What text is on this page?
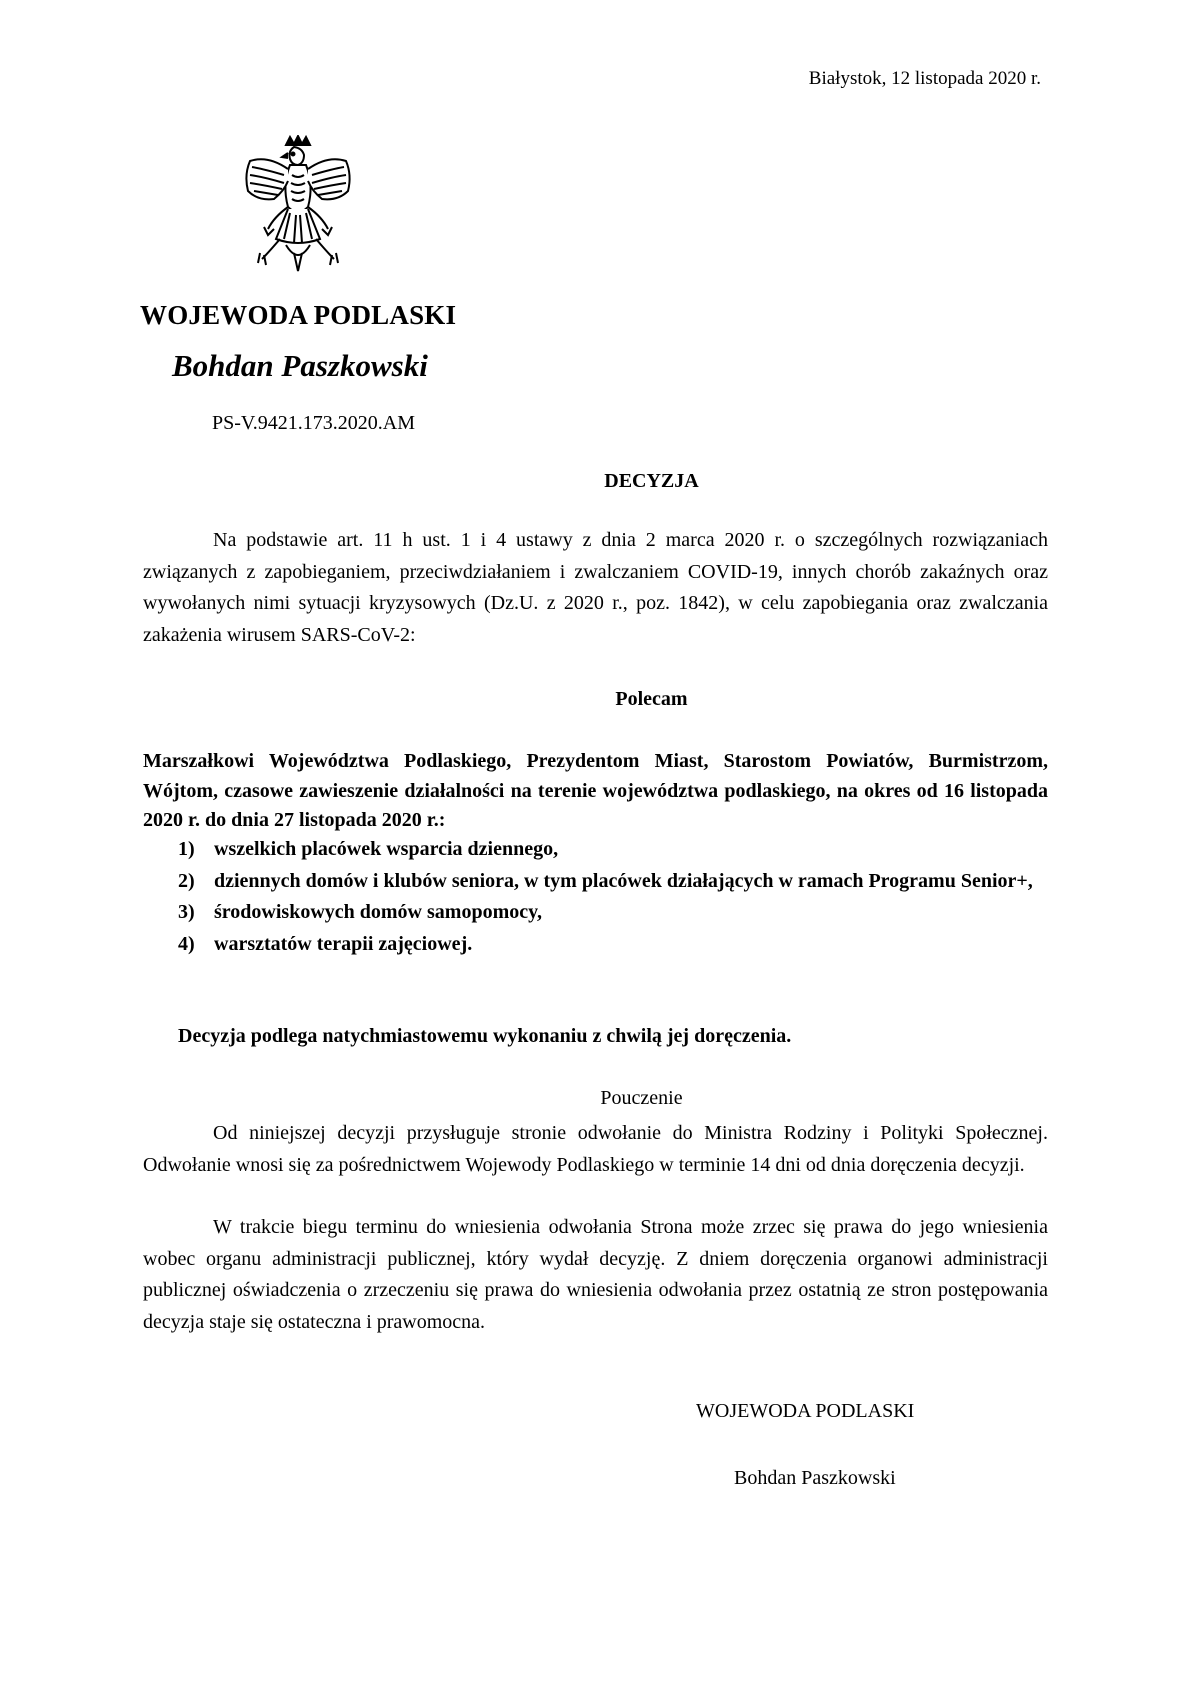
Białystok, 12 listopada 2020 r.
WOJEWODA PODLASKI
Bohdan Paszkowski
PS-V.9421.173.2020.AM
DECYZJA
Na podstawie art. 11 h ust. 1 i 4 ustawy z dnia 2 marca 2020 r. o szczególnych rozwiązaniach związanych z zapobieganiem, przeciwdziałaniem i zwalczaniem COVID-19, innych chorób zakaźnych oraz wywołanych nimi sytuacji kryzysowych (Dz.U. z 2020 r., poz. 1842), w celu zapobiegania oraz zwalczania zakażenia wirusem SARS-CoV-2:
Polecam
Marszałkowi Województwa Podlaskiego, Prezydentom Miast, Starostom Powiatów, Burmistrzom, Wójtom, czasowe zawieszenie działalności na terenie województwa podlaskiego, na okres od 16 listopada 2020 r. do dnia 27 listopada 2020 r.:
1) wszelkich placówek wsparcia dziennego,
2) dziennych domów i klubów seniora, w tym placówek działających w ramach Programu Senior+,
3) środowiskowych domów samopomocy,
4) warsztatów terapii zajęciowej.
Decyzja podlega natychmiastowemu wykonaniu z chwilą jej doręczenia.
Pouczenie
Od niniejszej decyzji przysługuje stronie odwołanie do Ministra Rodziny i Polityki Społecznej. Odwołanie wnosi się za pośrednictwem Wojewody Podlaskiego w terminie 14 dni od dnia doręczenia decyzji.
W trakcie biegu terminu do wniesienia odwołania Strona może zrzec się prawa do jego wniesienia wobec organu administracji publicznej, który wydał decyzję. Z dniem doręczenia organowi administracji publicznej oświadczenia o zrzeczeniu się prawa do wniesienia odwołania przez ostatnią ze stron postępowania decyzja staje się ostateczna i prawomocna.
WOJEWODA PODLASKI
Bohdan Paszkowski
